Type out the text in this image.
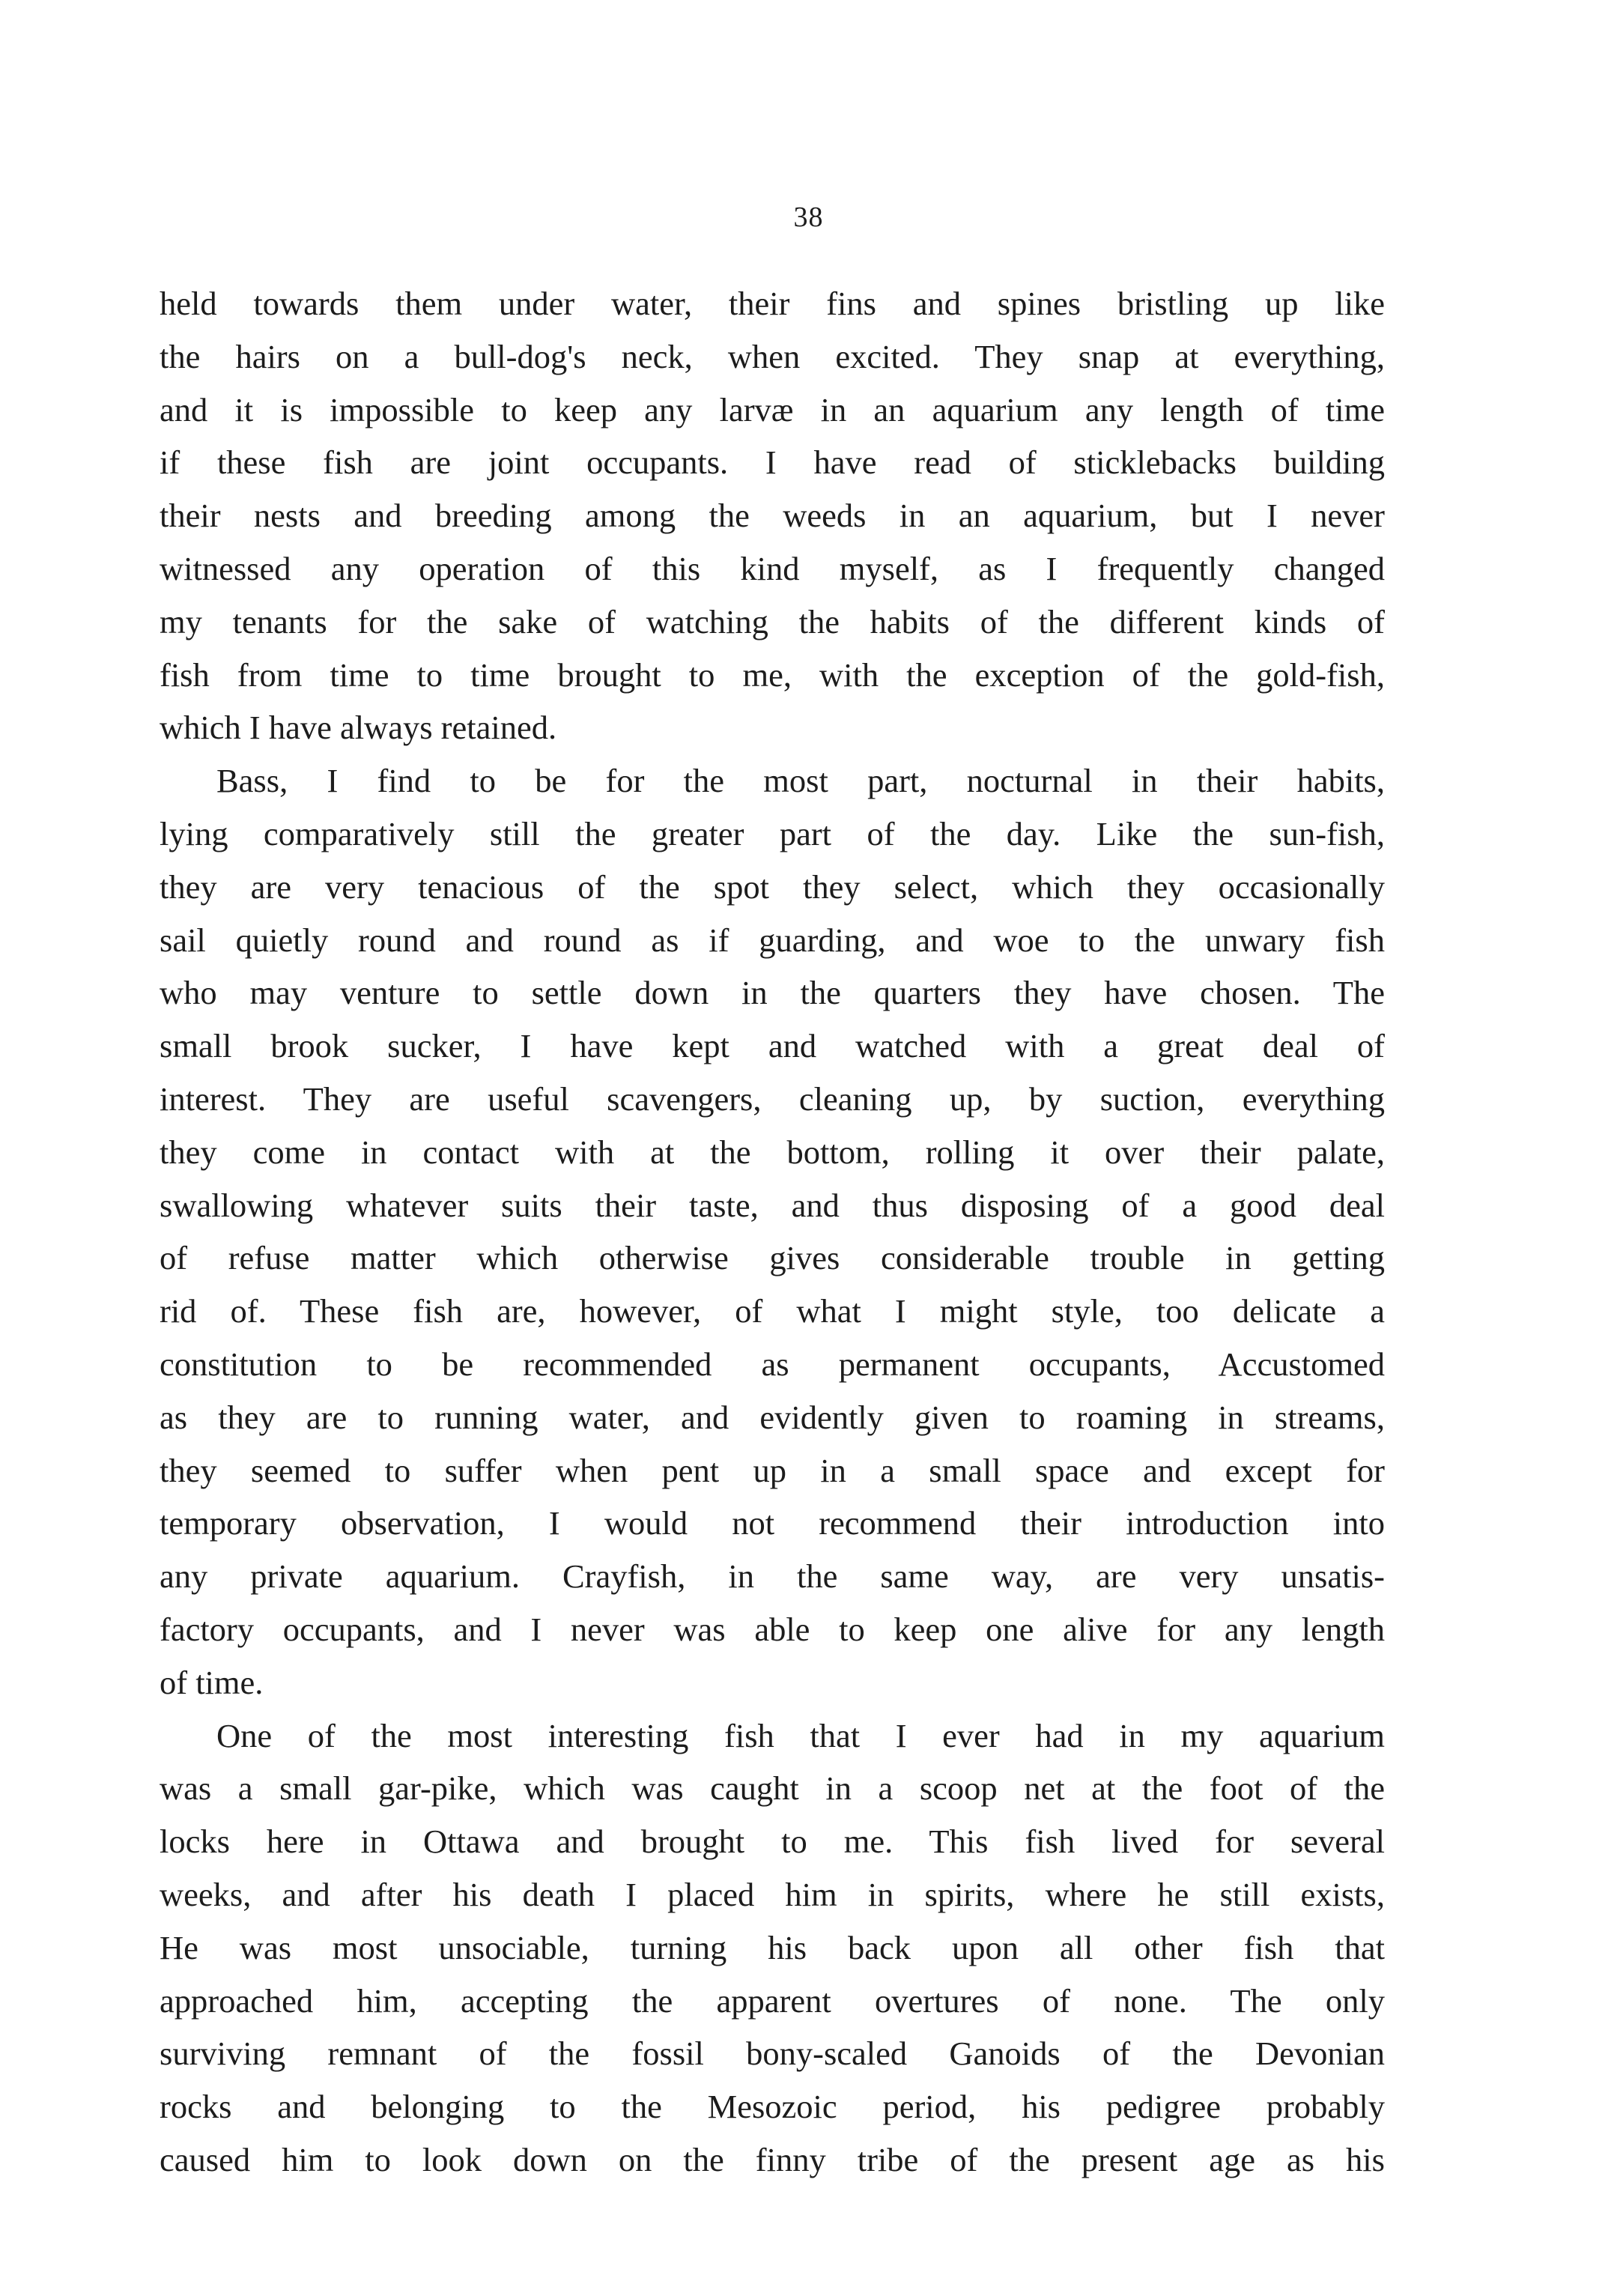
38
held towards them under water, their fins and spines bristling up like
the hairs on a bull-dog's neck, when excited. They snap at everything,
and it is impossible to keep any larvæ in an aquarium any length of time
if these fish are joint occupants. I have read of sticklebacks building
their nests and breeding among the weeds in an aquarium, but I never
witnessed any operation of this kind myself, as I frequently changed
my tenants for the sake of watching the habits of the different kinds of
fish from time to time brought to me, with the exception of the gold-fish,
which I have always retained.
Bass, I find to be for the most part, nocturnal in their habits,
lying comparatively still the greater part of the day. Like the sun-fish,
they are very tenacious of the spot they select, which they occasionally
sail quietly round and round as if guarding, and woe to the unwary fish
who may venture to settle down in the quarters they have chosen. The
small brook sucker, I have kept and watched with a great deal of
interest. They are useful scavengers, cleaning up, by suction, everything
they come in contact with at the bottom, rolling it over their palate,
swallowing whatever suits their taste, and thus disposing of a good deal
of refuse matter which otherwise gives considerable trouble in getting
rid of. These fish are, however, of what I might style, too delicate a
constitution to be recommended as permanent occupants, Accustomed
as they are to running water, and evidently given to roaming in streams,
they seemed to suffer when pent up in a small space and except for
temporary observation, I would not recommend their introduction into
any private aquarium. Crayfish, in the same way, are very unsatis-
factory occupants, and I never was able to keep one alive for any length
of time.
One of the most interesting fish that I ever had in my aquarium
was a small gar-pike, which was caught in a scoop net at the foot of the
locks here in Ottawa and brought to me. This fish lived for several
weeks, and after his death I placed him in spirits, where he still exists,
He was most unsociable, turning his back upon all other fish that
approached him, accepting the apparent overtures of none. The only
surviving remnant of the fossil bony-scaled Ganoids of the Devonian
rocks and belonging to the Mesozoic period, his pedigree probably
caused him to look down on the finny tribe of the present age as his
